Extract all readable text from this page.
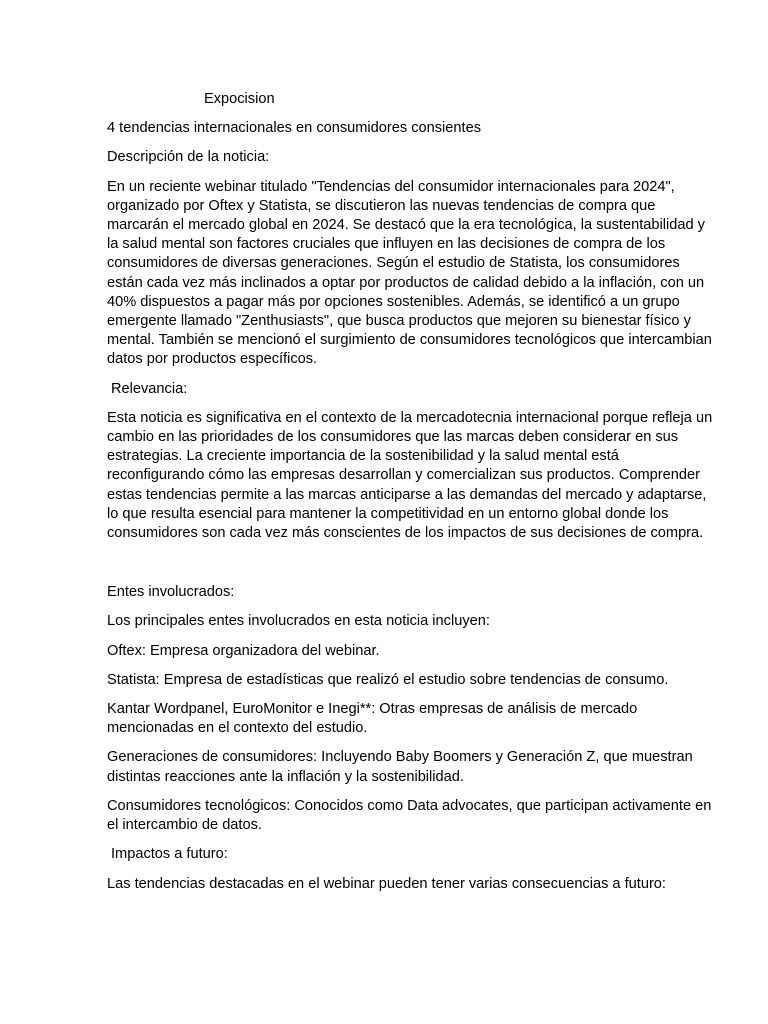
Expocision

4 tendencias internacionales en consumidores consientes

Descripción de la noticia:

En un reciente webinar titulado "Tendencias del consumidor internacionales para 2024", organizado por Oftex y Statista, se discutieron las nuevas tendencias de compra que marcarán el mercado global en 2024. Se destacó que la era tecnológica, la sustentabilidad y la salud mental son factores cruciales que influyen en las decisiones de compra de los consumidores de diversas generaciones. Según el estudio de Statista, los consumidores están cada vez más inclinados a optar por productos de calidad debido a la inflación, con un 40% dispuestos a pagar más por opciones sostenibles. Además, se identificó a un grupo emergente llamado "Zenthusiasts", que busca productos que mejoren su bienestar físico y mental. También se mencionó el surgimiento de consumidores tecnológicos que intercambian datos por productos específicos.

Relevancia:

Esta noticia es significativa en el contexto de la mercadotecnia internacional porque refleja un cambio en las prioridades de los consumidores que las marcas deben considerar en sus estrategias. La creciente importancia de la sostenibilidad y la salud mental está reconfigurando cómo las empresas desarrollan y comercializan sus productos. Comprender estas tendencias permite a las marcas anticiparse a las demandas del mercado y adaptarse, lo que resulta esencial para mantener la competitividad en un entorno global donde los consumidores son cada vez más conscientes de los impactos de sus decisiones de compra.

Entes involucrados:

Los principales entes involucrados en esta noticia incluyen:

Oftex: Empresa organizadora del webinar.

Statista: Empresa de estadísticas que realizó el estudio sobre tendencias de consumo.

Kantar Wordpanel, EuroMonitor e Inegi**: Otras empresas de análisis de mercado mencionadas en el contexto del estudio.

Generaciones de consumidores: Incluyendo Baby Boomers y Generación Z, que muestran distintas reacciones ante la inflación y la sostenibilidad.

Consumidores tecnológicos: Conocidos como Data advocates, que participan activamente en el intercambio de datos.

Impactos a futuro:

Las tendencias destacadas en el webinar pueden tener varias consecuencias a futuro:
